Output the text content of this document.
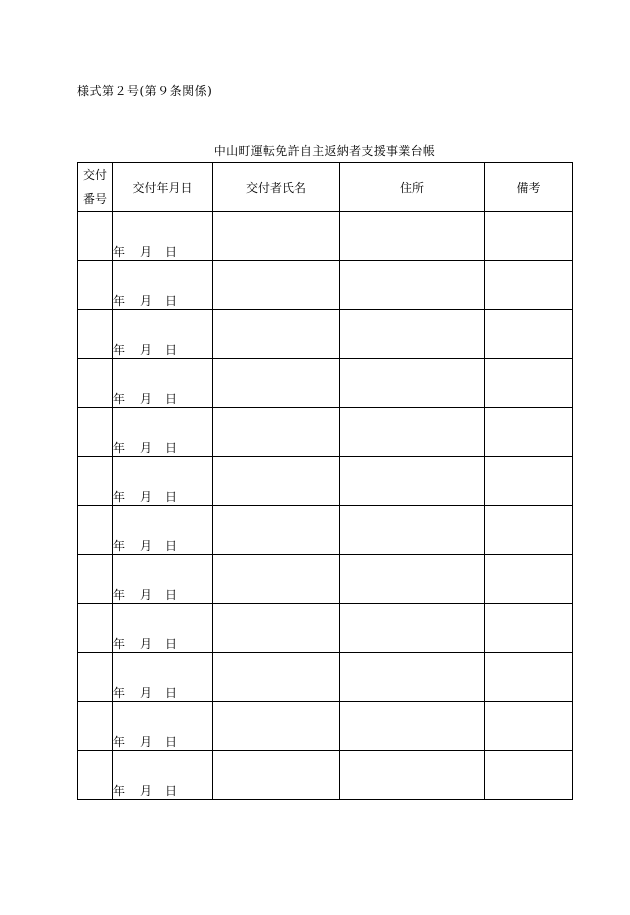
様式第２号(第９条関係)
中山町運転免許自主返納者支援事業台帳
交付
番号	交付年月日	交付者氏名	住所	備考
	年 月 日			
	年 月 日			
	年 月 日			
	年 月 日			
	年 月 日			
	年 月 日			
	年 月 日			
	年 月 日			
	年 月 日			
	年 月 日			
	年 月 日			
	年 月 日			
